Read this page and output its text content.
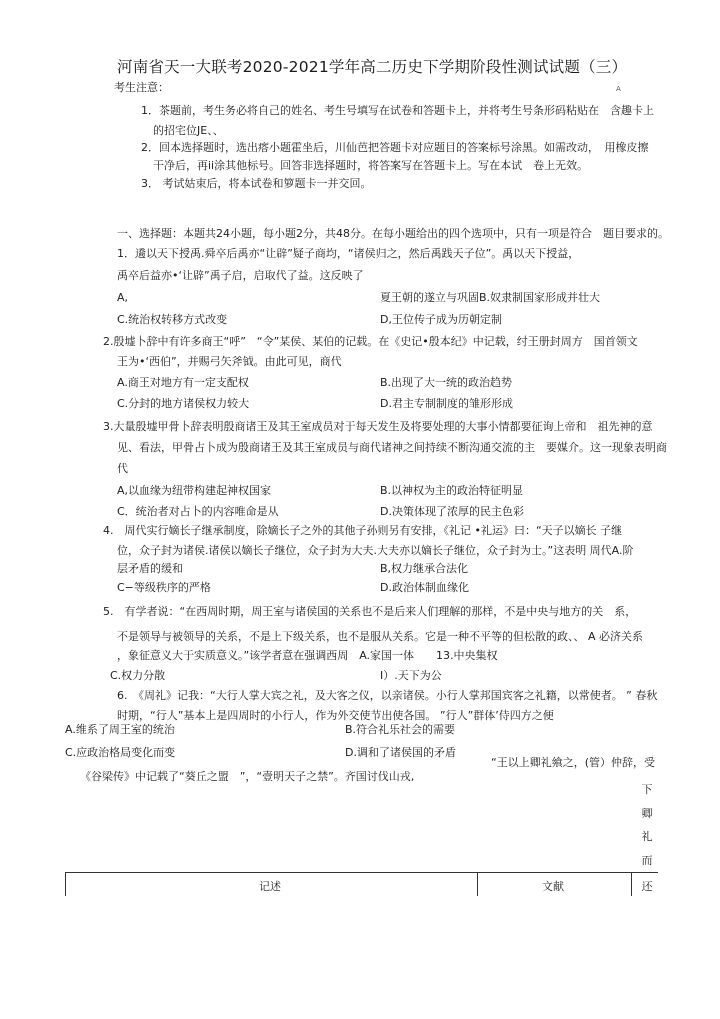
河南省天一大联考2020-2021学年高二历史下学期阶段性测试试题（三）
考生注意：	A
1．茶题前，考生务必将自己的姓名、考生号填写在试卷和答题卡上，并将考生号条形码粘贴在　含趣卡上
的招宅位JE、、
2．回本选择题时，选出瘩小题霍坐后，川仙芭把答题卡对应题目的答案标号涂黑。如需改动，　用橡皮擦
干净后，再ii涂其他标号。回答非选择题时，将答案写在答题卡上。写在本试　卷上无效。
3． 考试姑束后，将本试卷和箩题卡一并交回。
一、选择题：本题共24小题，每小题2分，共48分。在每小题给出的四个选项中，只有一项是符合　题目要求的。
1．䢪以天下授禹.舜卒后禹亦“让辟”疑子商均，“诸侯归之，然后禹践天子位”。禹以天下授益，
禹卒后益亦•‘让辟”禹子启，启取代了益。这反映了
A,	夏王朝的遂立与巩固B.奴隶制国家形成并壮大
C.统治权转移方式改变	D,王位传子成为历朝定制
2.殷墟卜辞中有许多商王“呼”　“令”某侯、某伯的记载。在《史记•殷本纪》中记载，纣王册封周方　国首领文
王为•‘西伯”，并赐弓矢斧钺。由此可见，商代
A.商王对地方有一定支配权	B.出现了大一统的政治趋势
C.分封的地方诸侯权力较大	D.君主专制制度的雏形形成
3.大量殷墟甲骨卜辞表明殷商诸王及其王室成员对于每天发生及将要处理的大事小情都要征询上帝和　祖先神的意
见、看法，甲骨占卜成为殷商诸王及其王室成员与商代诸神之间持续不断沟通交流的主　要媒介。这一现象表明商
代
A,以血缘为纽带构建起神权国家	B.以神权为主的政治特征明显
C．统治者对占卜的内容唯命是从	D.决策体现了浓厚的民主色彩
4.　周代实行嫡长子继承制度，除嫡长子之外的其他子孙则另有安排，《礼记 •礼运》曰：“天子以嫡长 子继
位，众子封为诸侯.诸侯以嫡长子继位，众子封为大夫.大夫亦以嫡长子继位，众子封为士。”这表明 周代A.阶
层矛盾的缓和	B,权力继承合法化
C−等级秩序的严格	D.政治体制血缘化
5.　有学者说：“在西周时期，周王室与诸侯国的关系也不是后来人们理解的那样，不是中央与地方的关　系，
不是领导与被领导的关系，不是上下级关系，也不是服从关系。它是一种不平等的但松散的政、、 A 必济关系
，象征意义大于实质意义。”该学者意在强调西周　A.家国一体　　13.中央集权
C.权力分散	I）.天下为公
6.　《周礼》记我：“大行人掌大宾之礼，及大客之仪，以亲诸侯。小行人掌邦国宾客之礼籍，以常使者。 ” 春秋
时期，“行人”基本上是四周时的小行人，作为外交使节出使各国。 ”行人”群体’侍四方之便
A.维系了周王室的统治	B.符合礼乐社会的需要
C.应政治格局变化而变	D.调和了诸侯国的矛盾
“王以上卿礼飨之，(管）仲辞，受
《谷梁传》中记载了“葵丘之盟　”，“壹明天子之禁”。齐国讨伐山戎,
下
卿
礼
而
还
记述	文献
